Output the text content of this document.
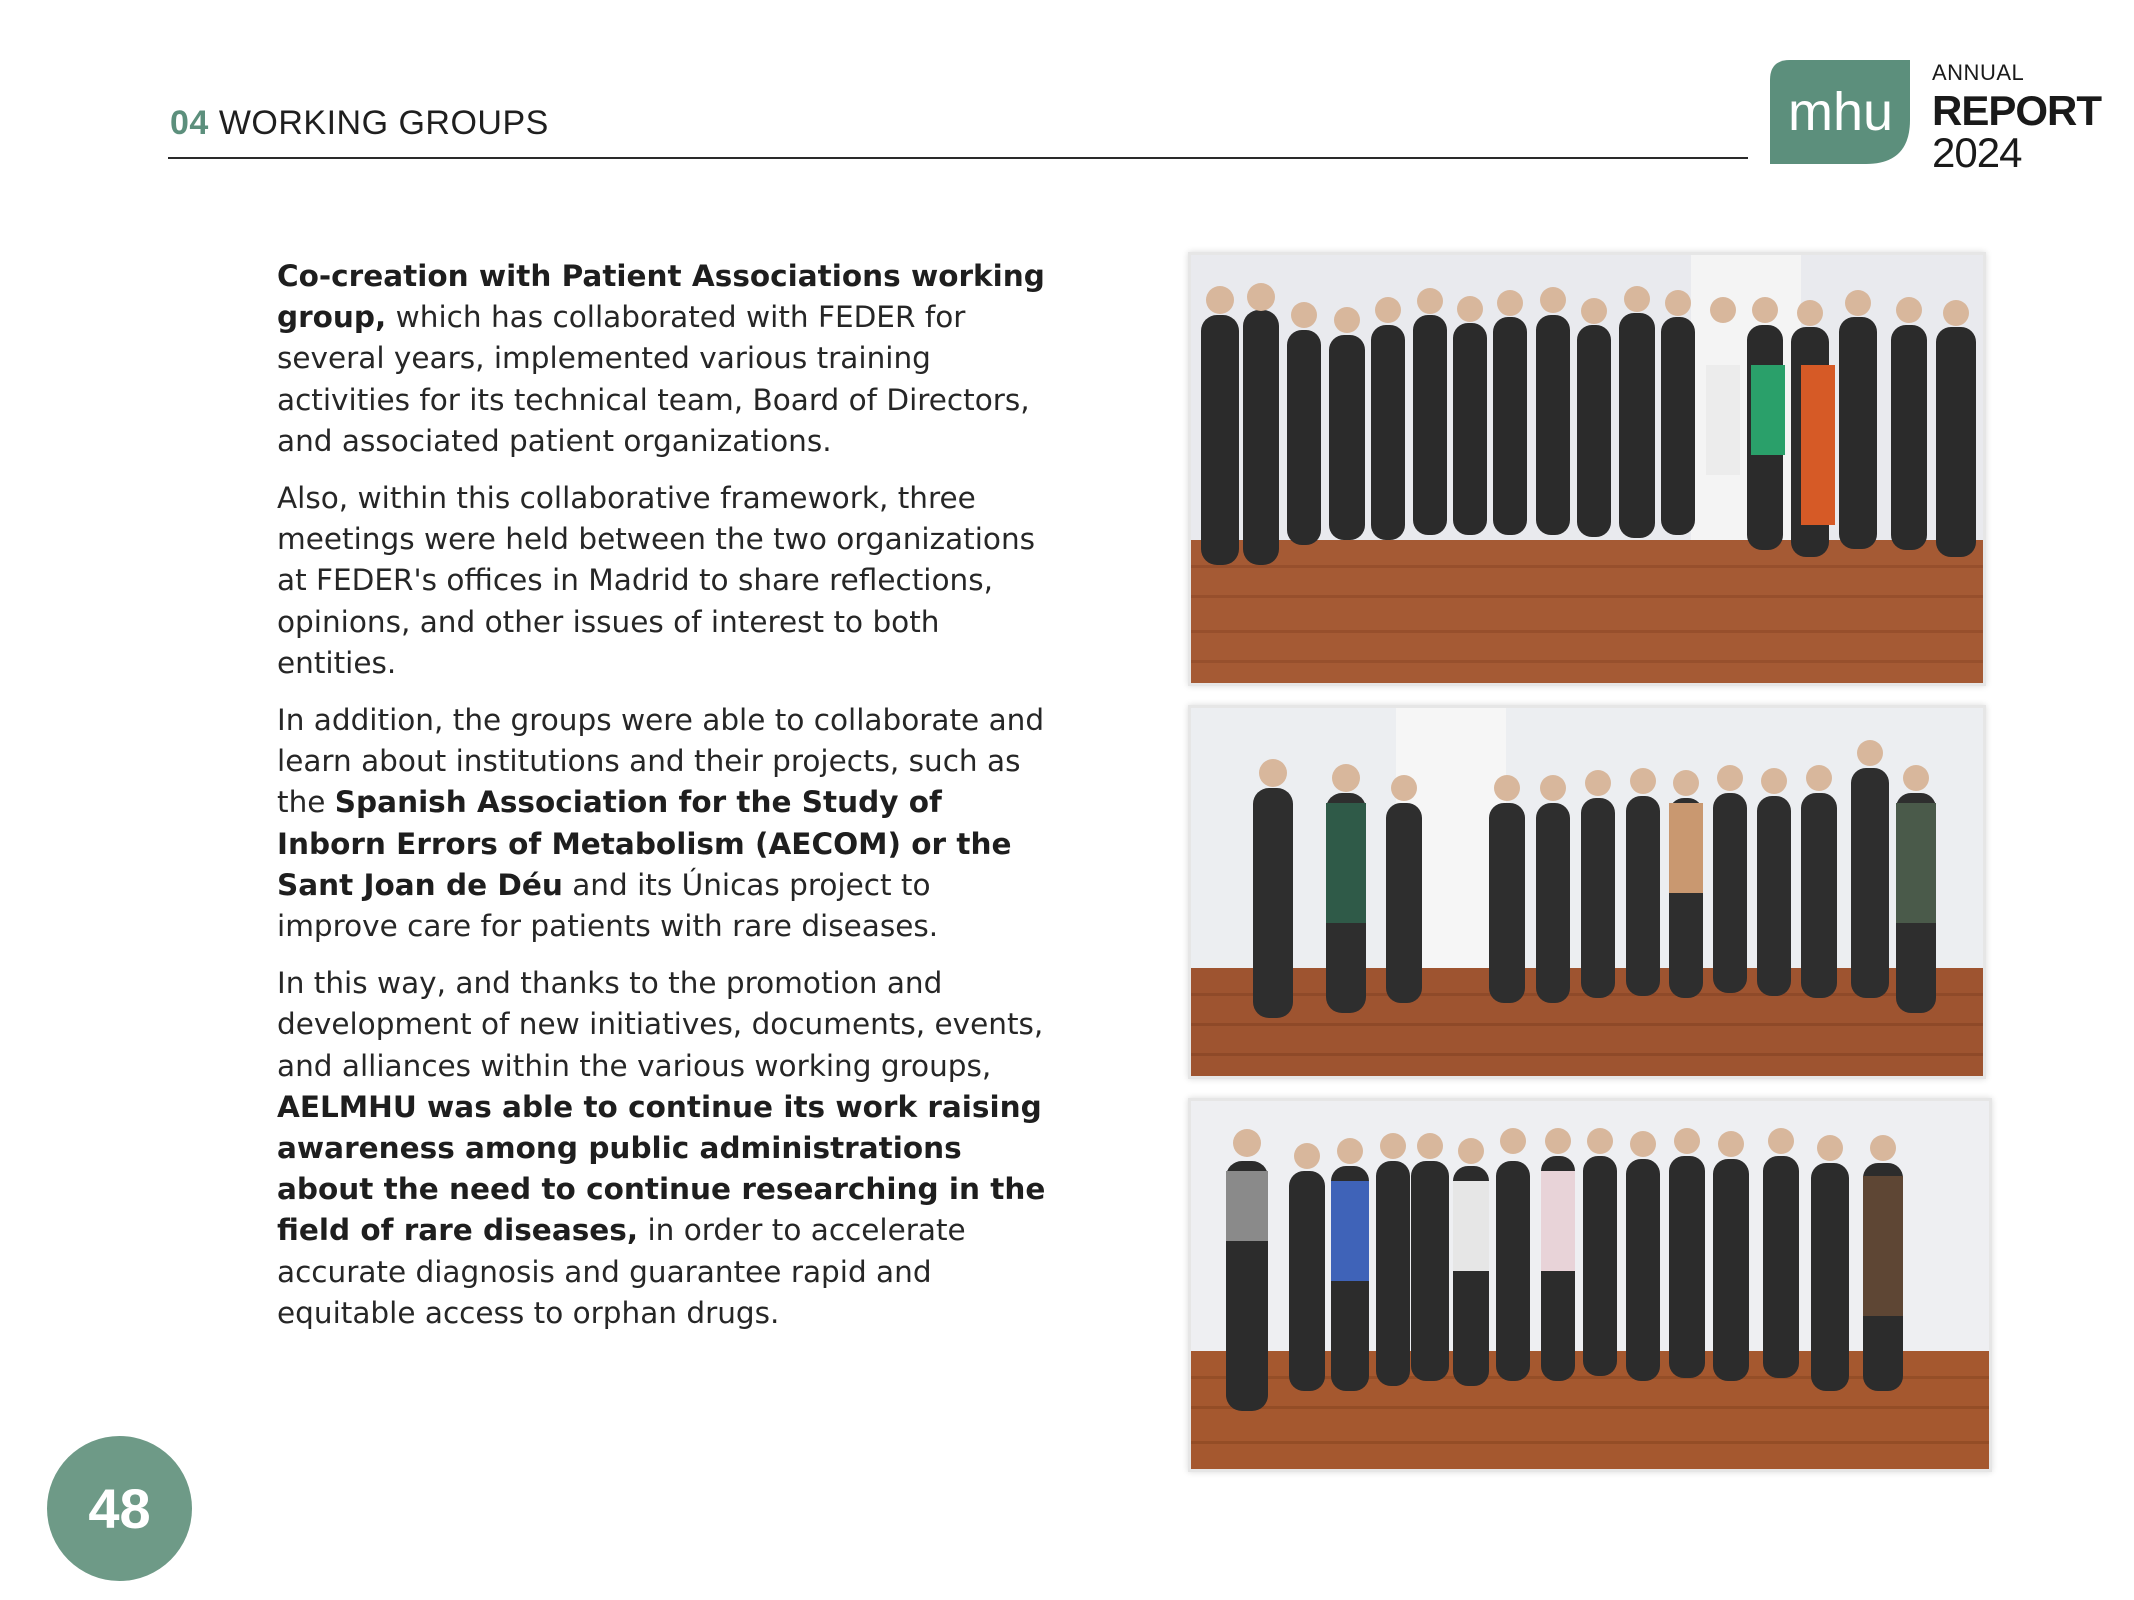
04 WORKING GROUPS	mhu
ANNUAL
REPORT
2024

Co-creation with Patient Associations working group, which has collaborated with FEDER for several years, implemented various training activities for its technical team, Board of Directors, and associated patient organizations.

Also, within this collaborative framework, three meetings were held between the two organizations at FEDER's offices in Madrid to share reflections, opinions, and other issues of interest to both entities.

In addition, the groups were able to collaborate and learn about institutions and their projects, such as the Spanish Association for the Study of Inborn Errors of Metabolism (AECOM) or the Sant Joan de Déu and its Únicas project to improve care for patients with rare diseases.

In this way, and thanks to the promotion and development of new initiatives, documents, events, and alliances within the various working groups, AELMHU was able to continue its work raising awareness among public administrations about the need to continue researching in the field of rare diseases, in order to accelerate accurate diagnosis and guarantee rapid and equitable access to orphan drugs.

48
